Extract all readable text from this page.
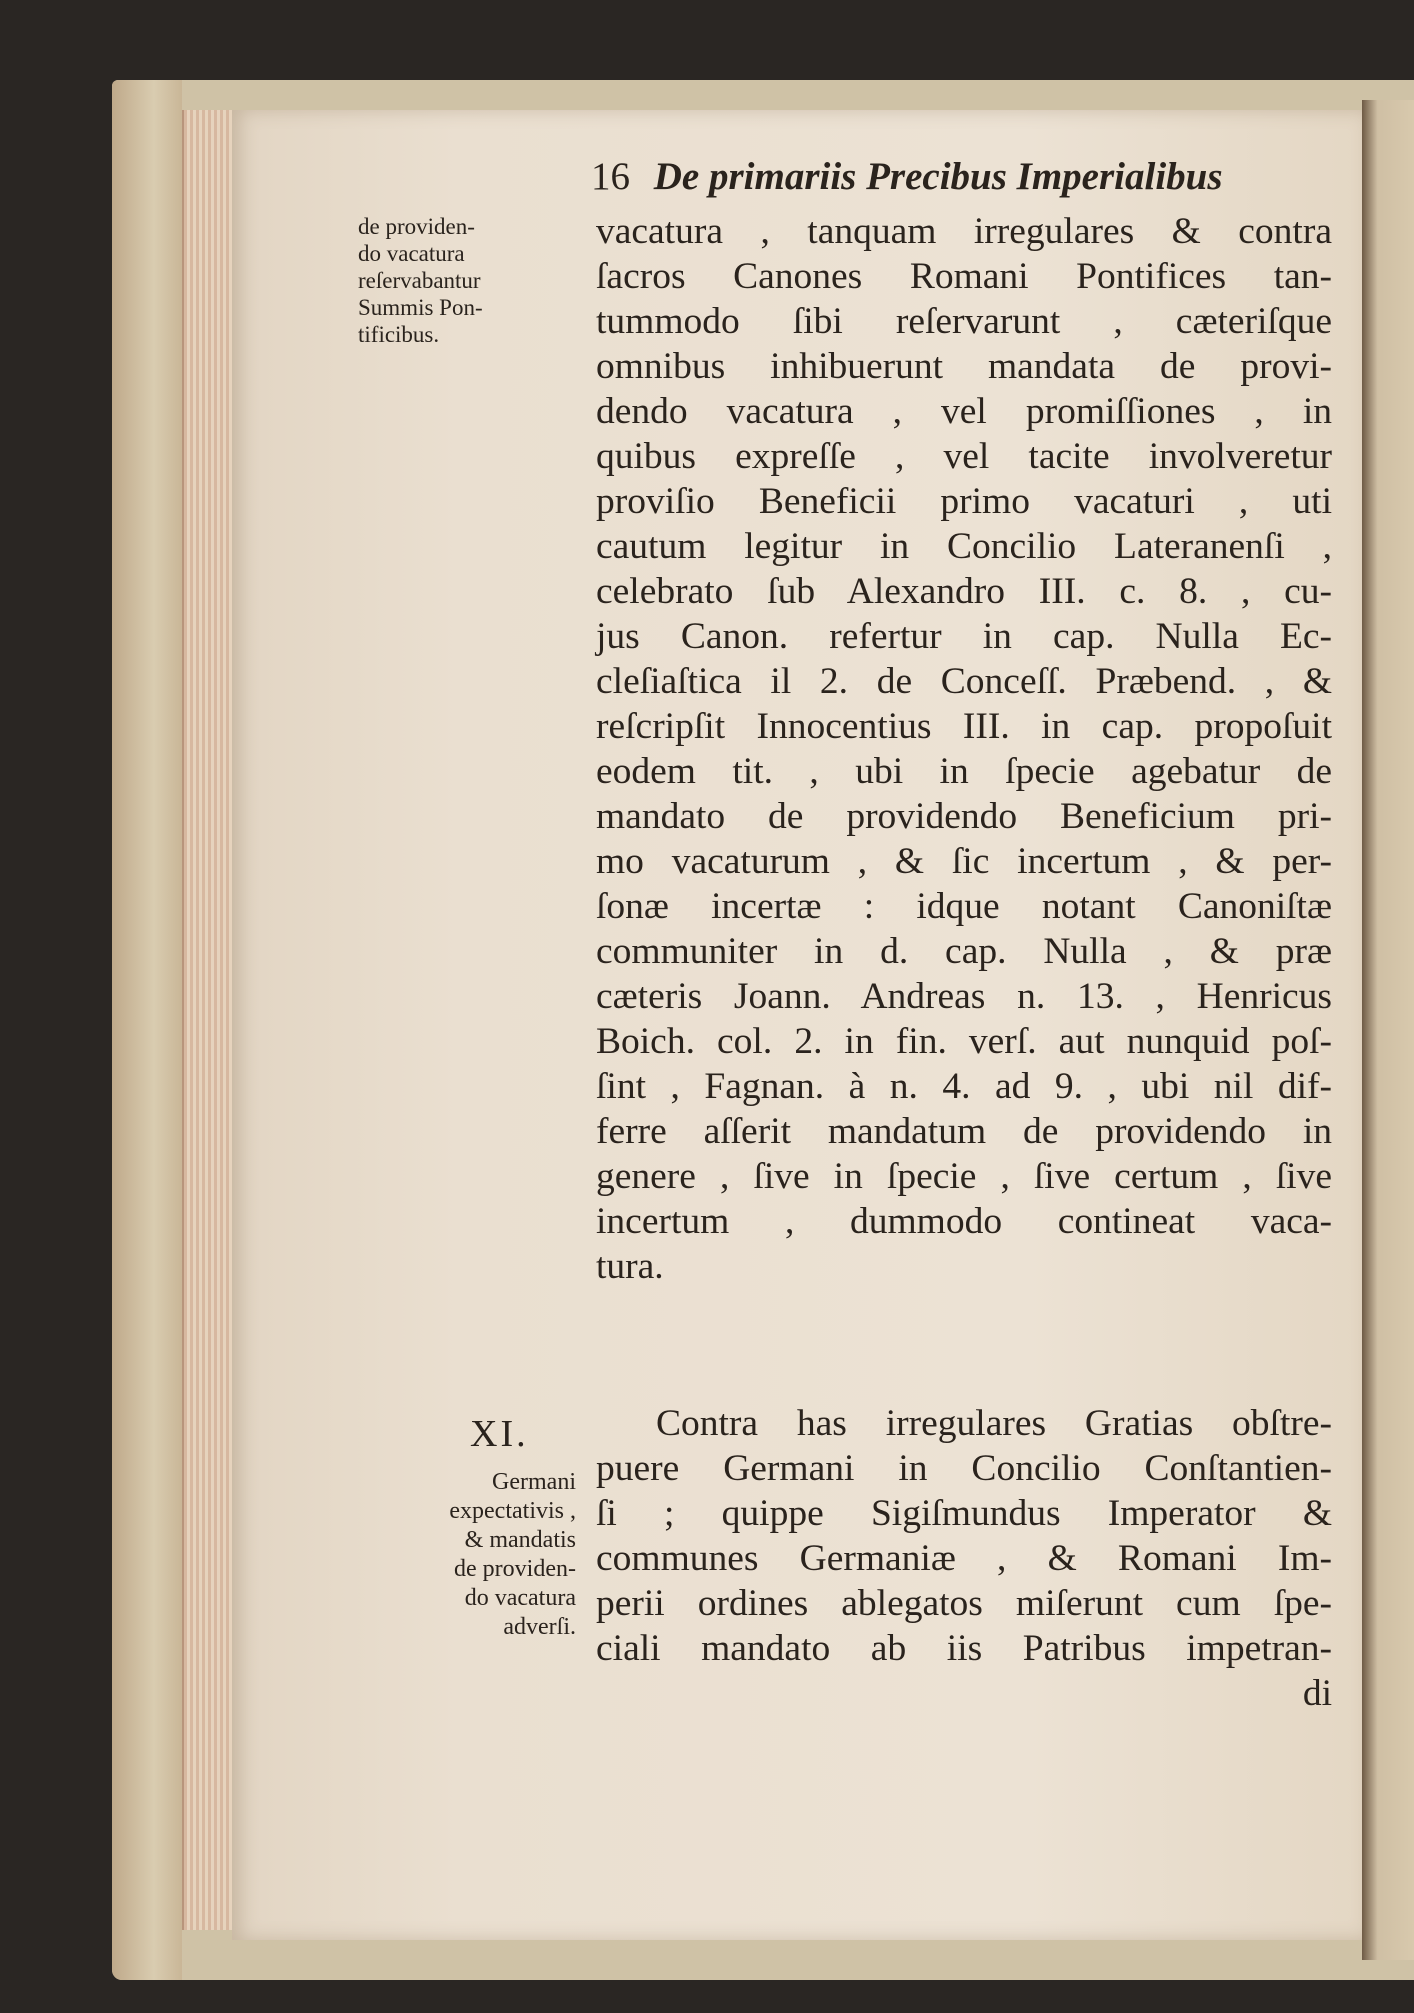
16 De primariis Precibus Imperialibus
de providen-
do vacatura
reſervabantur
Summis Pon-
tificibus.
XI.
Germani
expectativis ,
& mandatis
de providen-
do vacatura
adverſi.
vacatura , tanquam irregulares & contra
ſacros Canones Romani Pontifices tan-
tummodo ſibi reſervarunt , cæteriſque
omnibus inhibuerunt mandata de provi-
dendo vacatura , vel promiſſiones , in
quibus expreſſe , vel tacite involveretur
proviſio Beneficii primo vacaturi , uti
cautum legitur in Concilio Lateranenſi ,
celebrato ſub Alexandro III. c. 8. , cu-
jus Canon. refertur in cap. Nulla Ec-
cleſiaſtica il 2. de Conceſſ. Præbend. , &
reſcripſit Innocentius III. in cap. propoſuit
eodem tit. , ubi in ſpecie agebatur de
mandato de providendo Beneficium pri-
mo vacaturum , & ſic incertum , & per-
ſonæ incertæ : idque notant Canoniſtæ
communiter in d. cap. Nulla , & præ
cæteris Joann. Andreas n. 13. , Henricus
Boich. col. 2. in fin. verſ. aut nunquid poſ-
ſint , Fagnan. à n. 4. ad 9. , ubi nil dif-
ferre aſſerit mandatum de providendo in
genere , ſive in ſpecie , ſive certum , ſive
incertum , dummodo contineat vaca-
tura.
Contra has irregulares Gratias obſtre-
puere Germani in Concilio Conſtantien-
ſi ; quippe Sigiſmundus Imperator &
communes Germaniæ , & Romani Im-
perii ordines ablegatos miſerunt cum ſpe-
ciali mandato ab iis Patribus impetran-
di
